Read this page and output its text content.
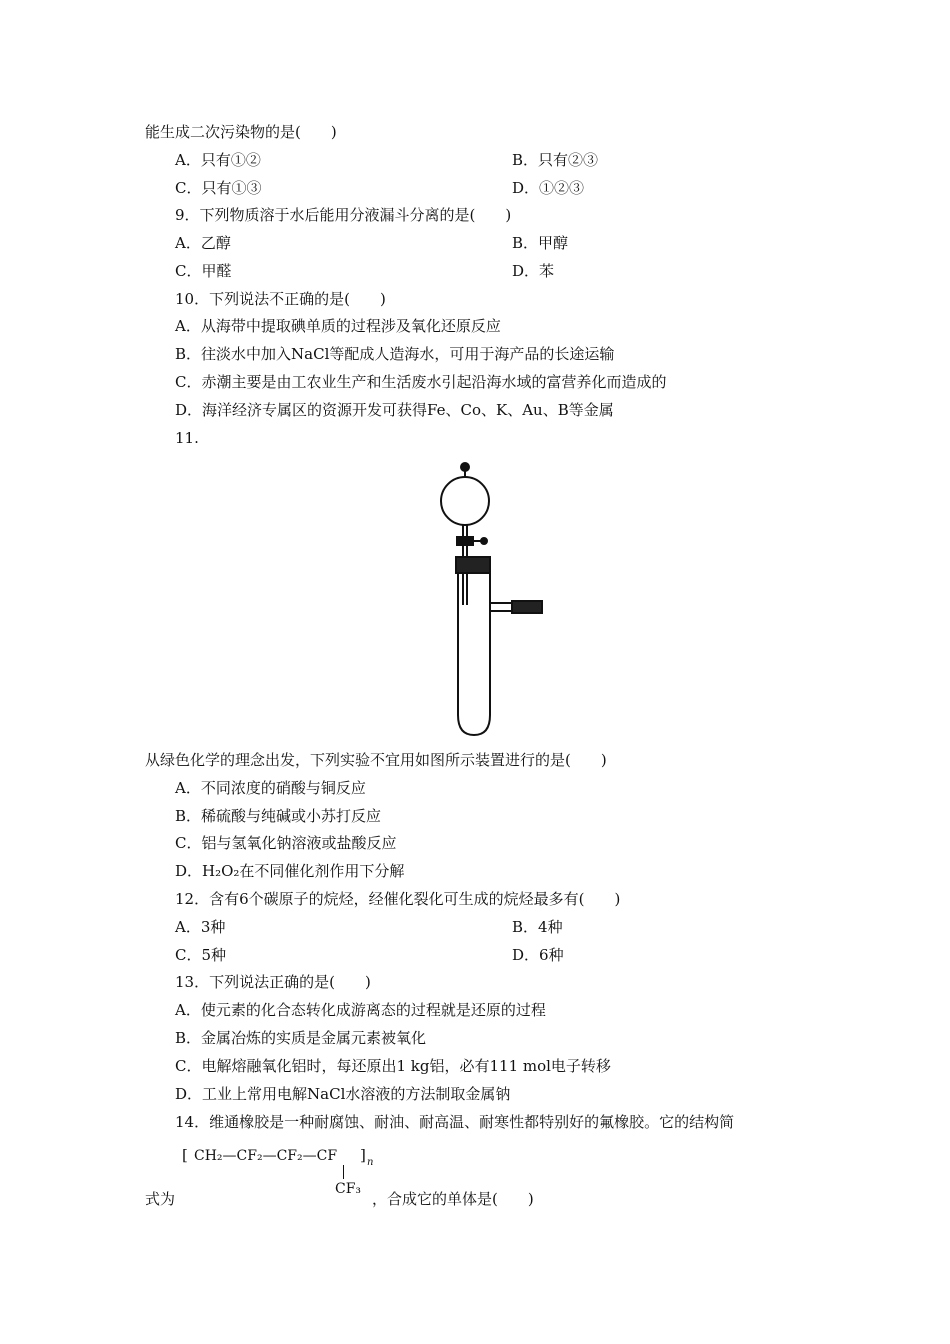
能生成二次污染物的是(　　)
A．只有①②	B．只有②③
C．只有①③	D．①②③
9．下列物质溶于水后能用分液漏斗分离的是(　　)
A．乙醇	B．甲醇
C．甲醛	D．苯
10．下列说法不正确的是(　　)
A．从海带中提取碘单质的过程涉及氧化还原反应
B．往淡水中加入NaCl等配成人造海水，可用于海产品的长途运输
C．赤潮主要是由工农业生产和生活废水引起沿海水域的富营养化而造成的
D．海洋经济专属区的资源开发可获得Fe、Co、K、Au、B等金属
11.
从绿色化学的理念出发，下列实验不宜用如图所示装置进行的是(　　)
A．不同浓度的硝酸与铜反应
B．稀硫酸与纯碱或小苏打反应
C．铝与氢氧化钠溶液或盐酸反应
D．H₂O₂在不同催化剂作用下分解
12．含有6个碳原子的烷烃，经催化裂化可生成的烷烃最多有(　　)
A．3种	B．4种
C．5种	D．6种
13．下列说法正确的是(　　)
A．使元素的化合态转化成游离态的过程就是还原的过程
B．金属冶炼的实质是金属元素被氧化
C．电解熔融氧化铝时，每还原出1 kg铝，必有111 mol电子转移
D．工业上常用电解NaCl水溶液的方法制取金属钠
14．维通橡胶是一种耐腐蚀、耐油、耐高温、耐寒性都特别好的氟橡胶。它的结构简
[ CH₂—CF₂—CF₂—CF ] n
CF₃
式为	，合成它的单体是(　　)
